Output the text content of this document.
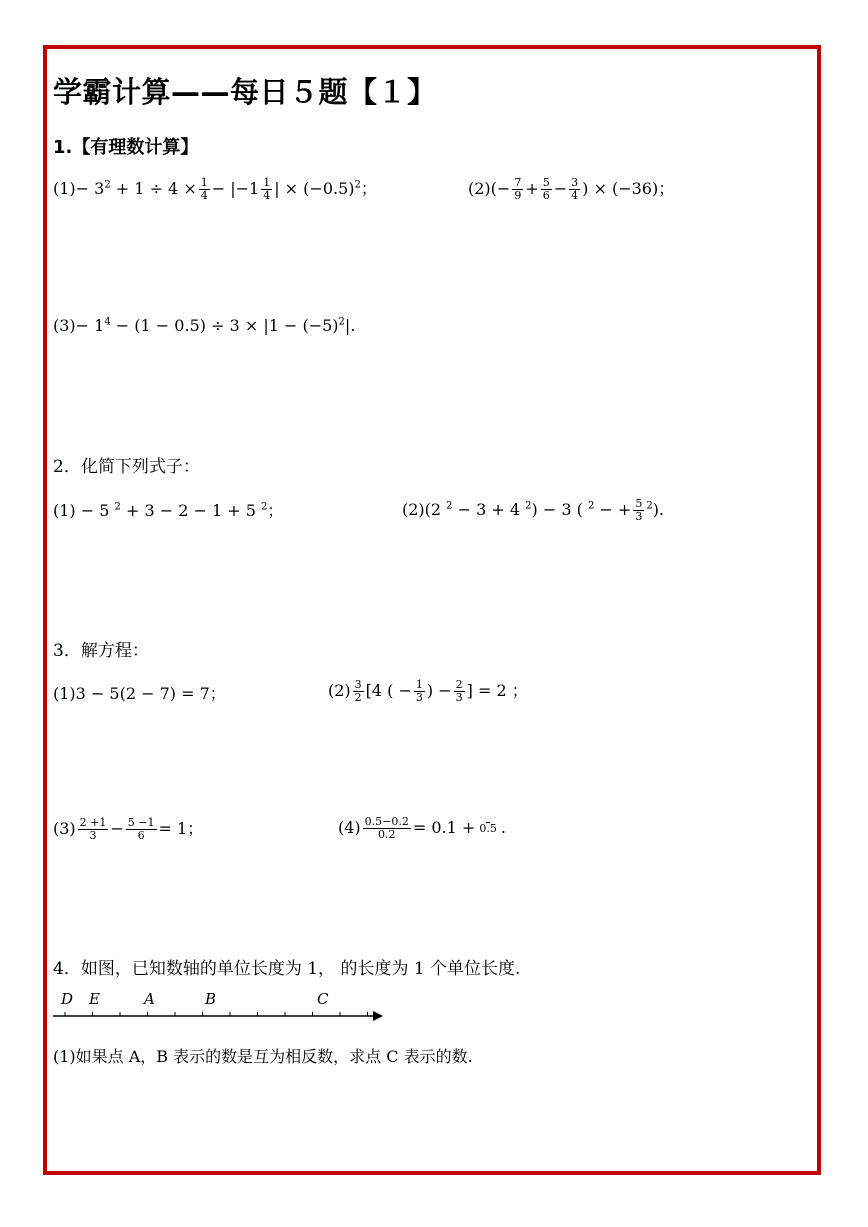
学霸计算——每日５题【１】
1.【有理数计算】
$(1)- 3^2 + 1 \div 4 \times \frac{1}{4} - |-1 \frac{1}{4}$ | × $(-0.5)^2$；	$(2)(- \frac{7}{9} + \frac{5}{6} - \frac{3}{4}$ ) × (−36)；
$(3)- 1^4 - (1 - 0.5) \div 3 \times |1 - (-5)^2|$.
2．化简下列式子：
(1) − 5 $^2$ + 3 − 2 − 1 + 5 $^2$；	(2)(2 $^2$ − 3 + 4 $^2$) − 3 ( $^2$ − + $\frac{5}{3} ^2$).
3．解方程：
(1)3 − 5(2 − 7) = 7；	$(2) \frac{3}{2} [4$ ( − $\frac{1}{3}$ ) − $\frac{2}{3}$ ] = 2 ；
$(3) \frac{2 +1}{3} - \frac{5 -1}{6} = 1$；	$(4) \frac{0.5-0.2}{0.2} = 0.1 + 0.5$ .
4．如图，已知数轴的单位长度为 1， 的长度为 1 个单位长度.
D E	A	B	C
(1)如果点 A，B 表示的数是互为相反数，求点 C 表示的数.
